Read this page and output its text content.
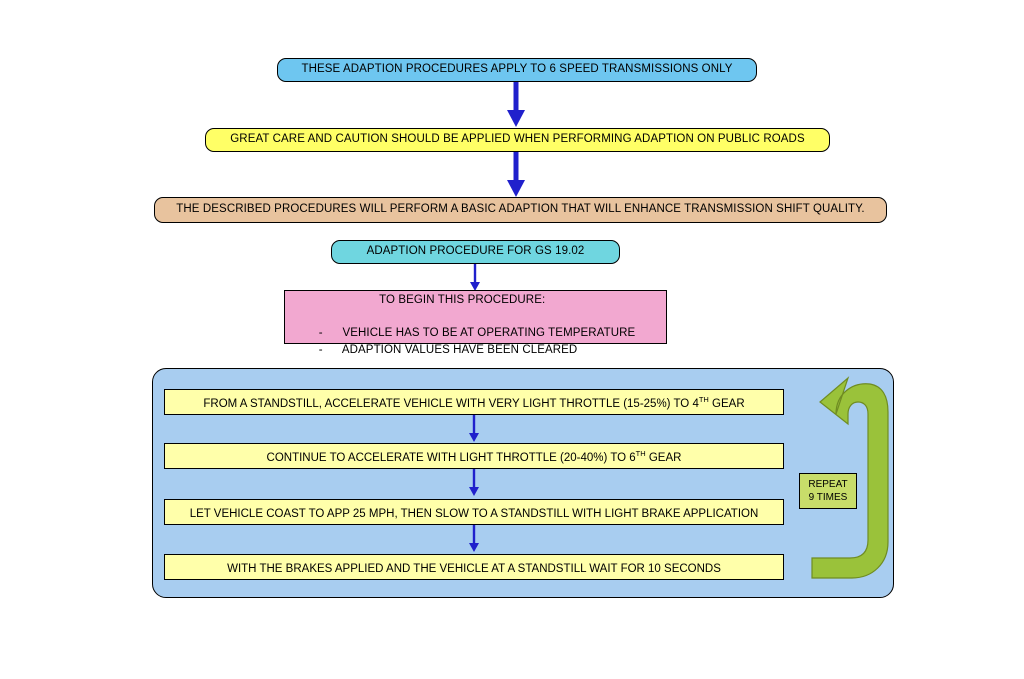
THESE ADAPTION PROCEDURES APPLY TO 6 SPEED TRANSMISSIONS ONLY
GREAT CARE AND CAUTION SHOULD BE APPLIED WHEN PERFORMING ADAPTION ON PUBLIC ROADS
THE DESCRIBED PROCEDURES WILL PERFORM A BASIC ADAPTION THAT WILL ENHANCE TRANSMISSION SHIFT QUALITY.
ADAPTION PROCEDURE FOR GS 19.02

TO BEGIN THIS PROCEDURE:

-      VEHICLE HAS TO BE AT OPERATING TEMPERATURE
-      ADAPTION VALUES HAVE BEEN CLEARED

FROM A STANDSTILL, ACCELERATE VEHICLE WITH VERY LIGHT THROTTLE (15-25%) TO 4TH GEAR
CONTINUE TO ACCELERATE WITH LIGHT THROTTLE (20-40%) TO 6TH GEAR
LET VEHICLE COAST TO APP 25 MPH, THEN SLOW TO A STANDSTILL WITH LIGHT BRAKE APPLICATION
WITH THE BRAKES APPLIED AND THE VEHICLE AT A STANDSTILL WAIT FOR 10 SECONDS
REPEAT
9 TIMES
